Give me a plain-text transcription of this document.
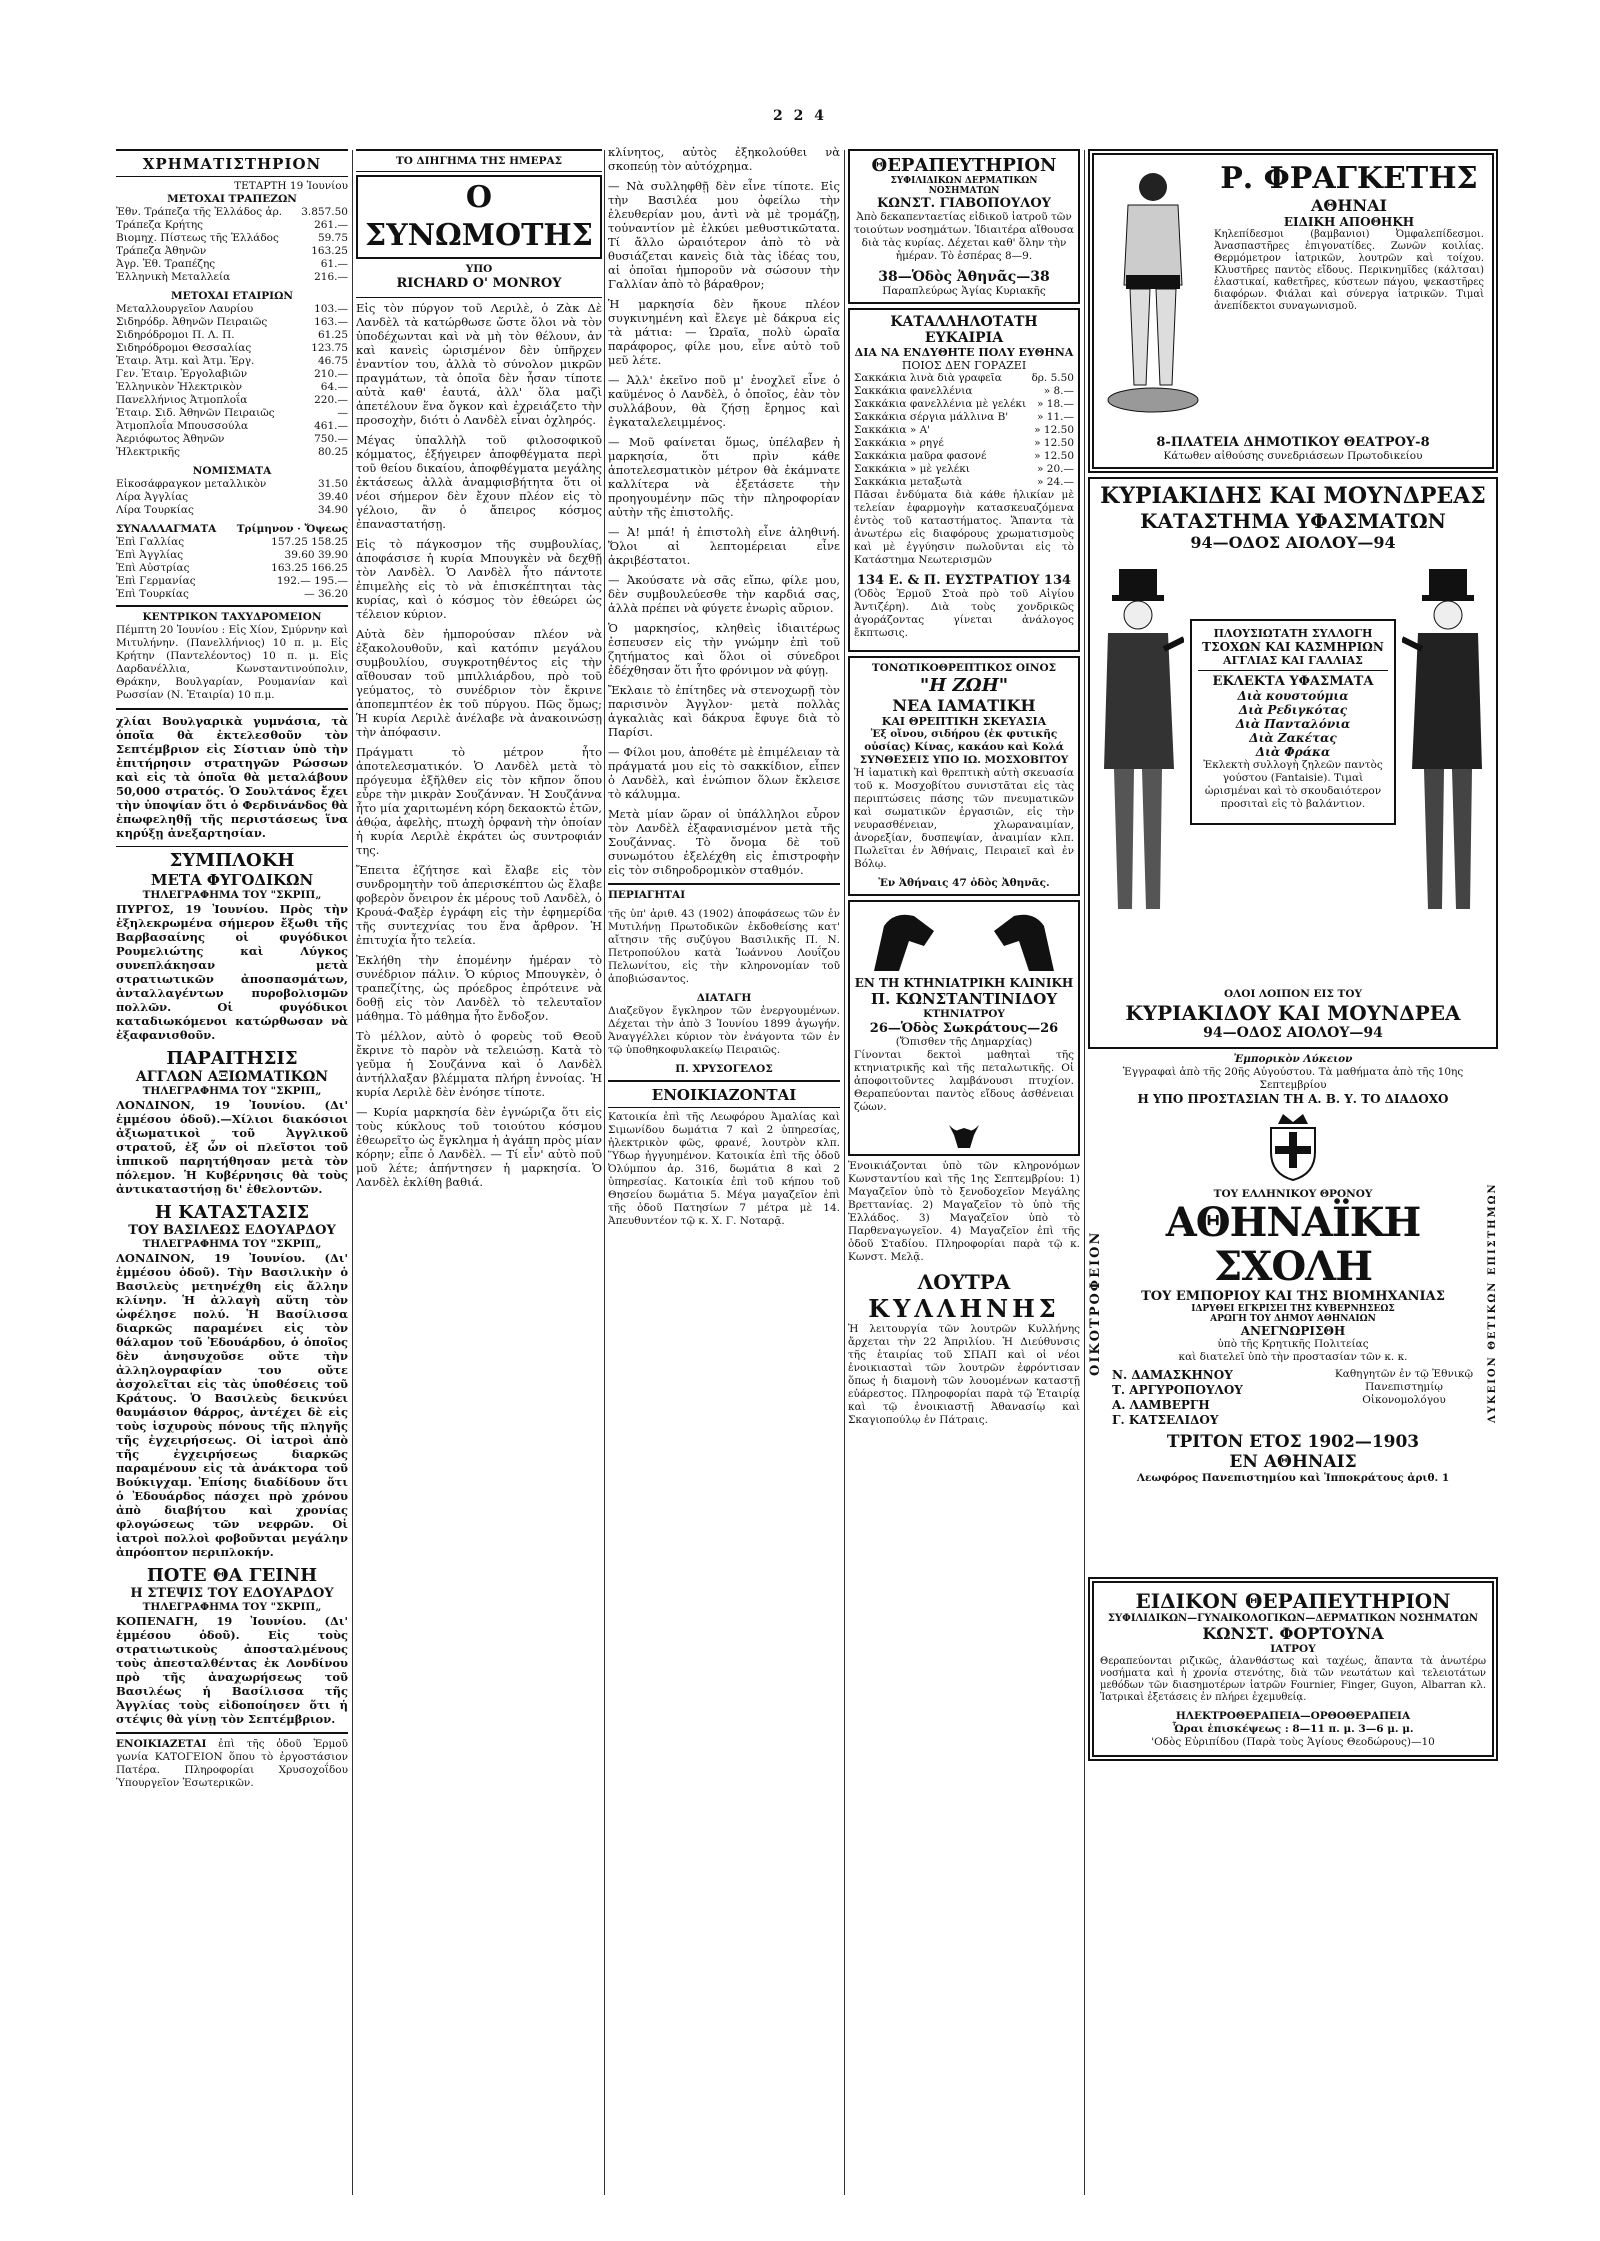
2 2 4
ΧΡΗΜΑΤΙΣΤΗΡΙΟΝ
ΤΕΤΑΡΤΗ 19 Ἰουνίου
ΜΕΤΟΧΑΙ ΤΡΑΠΕΖΩΝ
Ἐθν. Τράπεζα τῆς Ἑλλάδος ἀρ. 3.857.50
Τράπεζα Κρήτης	261.—
Βιομηχ. Πίστεως τῆς Ἑλλάδος	59.75
Τράπεζα Ἀθηνῶν	163.25
Ἀγρ. Ἐθ. Τραπέζης	61.—
Ἑλληνικὴ Μεταλλεία	216.—
ΜΕΤΟΧΑΙ ΕΤΑΙΡΙΩΝ
Μεταλλουργεῖον Λαυρίου	103.—
Σιδηρόδρ. Ἀθηνῶν Πειραιῶς	163.—
Σιδηρόδρομοι Π. Λ. Π.	61.25
Σιδηρόδρομοι Θεσσαλίας	123.75
Ἑταιρ. Ἀτμ. καὶ Ἀτμ. Ἐργ.	46.75
Γεν. Ἑταιρ. Ἐργολαβιῶν	210.—
Ἑλληνικὸν Ἠλεκτρικὸν	64.—
Πανελλήνιος Ἀτμοπλοΐα	220.—
Ἑταιρ. Σιδ. Ἀθηνῶν Πειραιῶς	—
Ἀτμοπλοΐα Μπουσσούλα	461.—
Ἀεριόφωτος Ἀθηνῶν	750.—
Ἠλεκτρικῆς	80.25
ΝΟΜΙΣΜΑΤΑ
Εἰκοσάφραγκον μεταλλικὸν	31.50
Λίρα Ἀγγλίας	39.40
Λίρα Τουρκίας	34.90
ΣΥΝΑΛΛΑΓΜΑΤΑ Τρίμηνον · Ὄψεως
Ἐπὶ Γαλλίας	157.25 158.25
Ἐπὶ Ἀγγλίας	39.60 39.90
Ἐπὶ Αὐστρίας	163.25 166.25
Ἐπὶ Γερμανίας	192.— 195.—
Ἐπὶ Τουρκίας	— 36.20
ΚΕΝΤΡΙΚΟΝ ΤΑΧΥΔΡΟΜΕΙΟΝ

Πέμπτη 20 Ἰουνίου : Εἰς Χίον, Σμύρνην καὶ Μιτυλήνην. (Πανελλήνιος) 10 π. μ. Εἰς Κρήτην (Παντελέοντος) 10 π. μ. Εἰς Δαρδανέλλια, Κωνσταντινούπολιν, Θράκην, Βουλγαρίαν, Ρουμανίαν καὶ Ρωσσίαν (Ν. Ἑταιρία) 10 π.μ.

χλίαι Βουλγαρικὰ γυμνάσια, τὰ ὁποῖα θὰ ἐκτελεσθοῦν τὸν Σεπτέμβριον εἰς Σίστιαν ὑπὸ τὴν ἐπιτήρησιν στρατηγῶν Ρώσσων καὶ εἰς τὰ ὁποῖα θὰ μεταλάβουν 50,000 στρατός. Ὁ Σουλτάνος ἔχει τὴν ὑποψίαν ὅτι ὁ Φερδινάνδος θὰ ἐπωφεληθῇ τῆς περιστάσεως ἵνα κηρύξῃ ἀνεξαρτησίαν.

ΣΥΜΠΛΟΚΗ
ΜΕΤΑ ΦΥΓΟΔΙΚΩΝ
ΤΗΛΕΓΡΑΦΗΜΑ ΤΟΥ "ΣΚΡΙΠ„

ΠΥΡΓΟΣ, 19 Ἰουνίου. Πρὸς τὴν ἐξηλεκρωμένα σήμερον ἔξωθι τῆς Βαρβασαίνης οἱ φυγόδικοι Ρουμελιώτης καὶ Λύγκος συνεπλάκησαν μετὰ στρατιωτικῶν ἀποσπασμάτων, ἀνταλλαγέντων πυροβολισμῶν πολλῶν. Οἱ φυγόδικοι καταδιωκόμενοι κατώρθωσαν νὰ ἐξαφανισθοῦν.

ΠΑΡΑΙΤΗΣΙΣ
ΑΓΓΛΩΝ ΑΞΙΩΜΑΤΙΚΩΝ
ΤΗΛΕΓΡΑΦΗΜΑ ΤΟΥ "ΣΚΡΙΠ„

ΛΟΝΔΙΝΟΝ, 19 Ἰουνίου. (Δι' ἐμμέσου ὁδοῦ).—Χίλιοι διακόσιοι ἀξιωματικοὶ τοῦ Ἀγγλικοῦ στρατοῦ, ἐξ ὧν οἱ πλεῖστοι τοῦ ἱππικοῦ παρητήθησαν μετὰ τὸν πόλεμον. Ἡ Κυβέρνησις θὰ τοὺς ἀντικαταστήσῃ δι' ἐθελοντῶν.

Η ΚΑΤΑΣΤΑΣΙΣ
ΤΟΥ ΒΑΣΙΛΕΩΣ ΕΔΟΥΑΡΔΟΥ
ΤΗΛΕΓΡΑΦΗΜΑ ΤΟΥ "ΣΚΡΙΠ„

ΛΟΝΔΙΝΟΝ, 19 Ἰουνίου. (Δι' ἐμμέσου ὁδοῦ). Τὴν Βασιλικὴν ὁ Βασιλεὺς μετηνέχθη εἰς ἄλλην κλίνην. Ἡ ἀλλαγὴ αὕτη τὸν ὠφέλησε πολύ. Ἡ Βασίλισσα διαρκῶς παραμένει εἰς τὸν θάλαμον τοῦ Ἐδουάρδου, ὁ ὁποῖος δὲν ἀνησυχοῦσε οὔτε τὴν ἀλληλογραφίαν του οὔτε ἀσχολεῖται εἰς τὰς ὑποθέσεις τοῦ Κράτους. Ὁ Βασιλεὺς δεικνύει θαυμάσιον θάρρος, ἀντέχει δὲ εἰς τοὺς ἰσχυροὺς πόνους τῆς πληγῆς τῆς ἐγχειρήσεως. Οἱ ἰατροὶ ἀπὸ τῆς ἐγχειρήσεως διαρκῶς παραμένουν εἰς τὰ ἀνάκτορα τοῦ Βούκιγχαμ. Ἐπίσης διαδίδουν ὅτι ὁ Ἐδουάρδος πάσχει πρὸ χρόνου ἀπὸ διαβήτου καὶ χρονίας φλογώσεως τῶν νεφρῶν. Οἱ ἰατροὶ πολλοὶ φοβοῦνται μεγάλην ἀπρόοπτον περιπλοκήν.

ΠΟΤΕ ΘΑ ΓΕΙΝΗ
Η ΣΤΕΨΙΣ ΤΟΥ ΕΔΟΥΑΡΔΟΥ
ΤΗΛΕΓΡΑΦΗΜΑ ΤΟΥ "ΣΚΡΙΠ„

ΚΟΠΕΝΑΓΗ, 19 Ἰουνίου. (Δι' ἐμμέσου ὁδοῦ). Εἰς τοὺς στρατιωτικοὺς ἀποσταλμένους τοὺς ἀπεσταλθέντας ἐκ Λονδίνου πρὸ τῆς ἀναχωρήσεως τοῦ Βασιλέως ἡ Βασίλισσα τῆς Ἀγγλίας τοὺς εἰδοποίησεν ὅτι ἡ στέψις θὰ γίνῃ τὸν Σεπτέμβριον.

ΕΝΟΙΚΙΑΖΕΤΑΙ ἐπὶ τῆς ὁδοῦ Ἑρμοῦ γωνία ΚΑΤΟΓΕΙΟΝ ὅπου τὸ ἐργοστάσιον Πατέρα. Πληροφορίαι Χρυσοχοΐδου Ὑπουργεῖον Ἐσωτερικῶν.

ΤΟ ΔΙΗΓΗΜΑ ΤΗΣ ΗΜΕΡΑΣ
Ο ΣΥΝΩΜΟΤΗΣ
ΥΠΟ
RICHARD O' MONROY

Εἰς τὸν πύργον τοῦ Λεριλὲ, ὁ Ζὰκ Δὲ Λανδὲλ τὰ κατώρθωσε ὥστε ὅλοι νὰ τὸν ὑποδέχωνται καὶ νὰ μὴ τὸν θέλουν, ἀν καὶ κανεὶς ὡρισμένον δὲν ὑπῆρχεν ἐναντίον του, ἀλλὰ τὸ σύνολον μικρῶν πραγμάτων, τὰ ὁποῖα δὲν ἦσαν τίποτε αὐτὰ καθ' ἑαυτά, ἀλλ' ὅλα μαζὶ ἀπετέλουν ἕνα ὄγκον καὶ ἐχρειάζετο τὴν προσοχὴν, διότι ὁ Λανδὲλ εἶναι ὀχληρός.

Μέγας ὑπαλλὴλ τοῦ φιλοσοφικοῦ κόμματος, ἐξήγειρεν ἀποφθέγματα περὶ τοῦ θείου δικαίου, ἀποφθέγματα μεγάλης ἐκτάσεως ἀλλὰ ἀναμφισβήτητα ὅτι οἱ νέοι σήμερον δὲν ἔχουν πλέον εἰς τὸ γέλοιο, ἂν ὁ ἄπειρος κόσμος ἐπαναστατήσῃ.

Εἰς τὸ πάγκοσμον τῆς συμβουλίας, ἀποφάσισε ἡ κυρία Μπουγκὲν νὰ δεχθῇ τὸν Λανδὲλ. Ὁ Λανδὲλ ἦτο πάντοτε ἐπιμελὴς εἰς τὸ νὰ ἐπισκέπτηται τὰς κυρίας, καὶ ὁ κόσμος τὸν ἐθεώρει ὡς τέλειον κύριον.

Αὐτὰ δὲν ἠμπορούσαν πλέον νὰ ἐξακολουθοῦν, καὶ κατόπιν μεγάλου συμβουλίου, συγκροτηθέντος εἰς τὴν αἴθουσαν τοῦ μπιλλιάρδου, πρὸ τοῦ γεύματος, τὸ συνέδριον τὸν ἔκρινε ἀποπεμπτέον ἐκ τοῦ πύργου. Πῶς ὅμως; Ἡ κυρία Λεριλὲ ἀνέλαβε νὰ ἀνακοινώσῃ τὴν ἀπόφασιν.

Πράγματι τὸ μέτρον ἦτο ἀποτελεσματικόν. Ὁ Λανδὲλ μετὰ τὸ πρόγευμα ἐξῆλθεν εἰς τὸν κῆπον ὅπου εὗρε τὴν μικρὰν Σουζάνναν. Ἡ Σουζάννα ἦτο μία χαριτωμένη κόρη δεκαοκτὼ ἐτῶν, ἀθῴα, ἀφελὴς, πτωχὴ ὀρφανὴ τὴν ὁποίαν ἡ κυρία Λεριλὲ ἐκράτει ὡς συντροφιάν της.

Ἔπειτα ἐζήτησε καὶ ἔλαβε εἰς τὸν συνδρομητὴν τοῦ ἀπερισκέπτου ὡς ἔλαβε φοβερὸν ὄνειρον ἐκ μέρους τοῦ Λανδὲλ, ὁ Κρουά-Φαξὲρ ἐγράφη εἰς τὴν ἐφημερίδα τῆς συντεχνίας του ἕνα ἄρθρον. Ἡ ἐπιτυχία ἦτο τελεία.

Ἐκλήθη τὴν ἑπομένην ἡμέραν τὸ συνέδριον πάλιν. Ὁ κύριος Μπουγκὲν, ὁ τραπεζίτης, ὡς πρόεδρος ἐπρότεινε νὰ δοθῇ εἰς τὸν Λανδὲλ τὸ τελευταῖον μάθημα. Τὸ μάθημα ἦτο ἔνδοξον.

Τὸ μέλλον, αὐτὸ ὁ φορεὺς τοῦ Θεοῦ ἔκρινε τὸ παρὸν νὰ τελειώσῃ. Κατὰ τὸ γεῦμα ἡ Σουζάννα καὶ ὁ Λανδὲλ ἀντήλλαξαν βλέμματα πλήρη ἐννοίας. Ἡ κυρία Λεριλὲ δὲν ἐνόησε τίποτε.

— Κυρία μαρκησία δὲν ἐγνώριζα ὅτι εἰς τοὺς κύκλους τοῦ τοιούτου κόσμου ἐθεωρεῖτο ὡς ἔγκλημα ἡ ἀγάπη πρὸς μίαν κόρην; εἶπε ὁ Λανδὲλ. — Τί εἶν' αὐτὸ ποῦ μοῦ λέτε; ἀπήντησεν ἡ μαρκησία. Ὁ Λανδὲλ ἐκλίθη βαθιά.

κλίνητος, αὐτὸς ἐξηκολούθει νὰ σκοπεύῃ τὸν αὐτόχρημα.

— Νὰ συλληφθῇ δὲν εἶνε τίποτε. Εἰς τὴν Βασιλέα μου ὀφείλω τὴν ἐλευθερίαν μου, ἀντὶ νὰ μὲ τρομάζῃ, τοὐναντίον μὲ ἐλκύει μεθυστικῶτατα. Τί ἄλλο ὡραιότερον ἀπὸ τὸ νὰ θυσιάζεται κανεὶς διὰ τὰς ἰδέας του, αἱ ὁποῖαι ἠμποροῦν νὰ σώσουν τὴν Γαλλίαν ἀπὸ τὸ βάραθρον;

Ἡ μαρκησία δὲν ἤκουε πλέον συγκινημένη καὶ ἔλεγε μὲ δάκρυα εἰς τὰ μάτια: — Ὡραῖα, πολὺ ὡραῖα παράφορος, φίλε μου, εἶνε αὐτὸ τοῦ μεῦ λέτε.

— Ἀλλ' ἐκεῖνο ποῦ μ' ἐνοχλεῖ εἶνε ὁ καϋμένος ὁ Λανδὲλ, ὁ ὁποῖος, ἐὰν τὸν συλλάβουν, θὰ ζήσῃ ἔρημος καὶ ἐγκαταλελειμμένος.

— Μοῦ φαίνεται ὅμως, ὑπέλαβεν ἡ μαρκησία, ὅτι πρὶν κάθε ἀποτελεσματικὸν μέτρον θὰ ἐκάμνατε καλλίτερα νὰ ἐξετάσετε τὴν προηγουμένην πῶς τὴν πληροφορίαν αὐτὴν τῆς ἐπιστολῆς.

— Ἀ! μπά! ἡ ἐπιστολὴ εἶνε ἀληθινή. Ὅλοι αἱ λεπτομέρειαι εἶνε ἀκριβέστατοι.

— Ἀκούσατε νὰ σᾶς εἴπω, φίλε μου, δὲν συμβουλεύεσθε τὴν καρδιά σας, ἀλλὰ πρέπει νὰ φύγετε ἐνωρὶς αὔριον.

Ὁ μαρκησίος, κληθεὶς ἰδιαιτέρως ἐσπευσεν εἰς τὴν γνώμην ἐπὶ τοῦ ζητήματος καὶ ὅλοι οἱ σύνεδροι ἐδέχθησαν ὅτι ἦτο φρόνιμον νὰ φύγῃ.

Ἔκλαιε τὸ ἐπίτηδες νὰ στενοχωρῇ τὸν παρισινὸν Ἀγγλον· μετὰ πολλὰς ἀγκαλιὰς καὶ δάκρυα ἔφυγε διὰ τὸ Παρίσι.

— Φίλοι μου, ἀποθέτε μὲ ἐπιμέλειαν τὰ πράγματά μου εἰς τὸ σακκίδιον, εἶπεν ὁ Λανδὲλ, καὶ ἐνώπιον ὅλων ἔκλεισε τὸ κάλυμμα.

Μετὰ μίαν ὥραν οἱ ὑπάλληλοι εὗρον τὸν Λανδὲλ ἐξαφανισμένον μετὰ τῆς Σουζάννας. Τὸ ὄνομα δὲ τοῦ συνωμότου ἐξελέχθη εἰς ἐπιστροφὴν εἰς τὸν σιδηροδρομικὸν σταθμόν.

ΠΕΡΙΑΓΗΤΑΙ

τῆς ὑπ' ἀριθ. 43 (1902) ἀποφάσεως τῶν ἐν Μυτιλήνῃ Πρωτοδικῶν ἐκδοθείσης κατ' αἴτησιν τῆς συζύγου Βασιλικῆς Π. Ν. Πετροπούλου κατὰ Ἰωάννου Λουΐζου Πελωνίτου, εἰς τὴν κληρονομίαν τοῦ ἀποβιώσαντος.

ΔΙΑΤΑΓΗ

Διαζεῦγον ἔγκληρον τῶν ἐνεργουμένων. Δέχεται τὴν ἀπὸ 3 Ἰουνίου 1899 ἀγωγήν. Ἀναγγέλλει κύριον τὸν ἐνάγοντα τῶν ἐν τῷ ὑποθηκοφυλακείῳ Πειραιῶς.

Π. ΧΡΥΣΟΓΕΛΟΣ
ΕΝΟΙΚΙΑΖΟΝΤΑΙ

Κατοικία ἐπὶ τῆς Λεωφόρου Ἀμαλίας καὶ Σιμωνίδου δωμάτια 7 καὶ 2 ὑπηρεσίας, ἠλεκτρικὸν φῶς, φρανέ, λουτρὸν κλπ. Ὕδωρ ἠγγυημένον. Κατοικία ἐπὶ τῆς ὁδοῦ Ὀλύμπου ἀρ. 316, δωμάτια 8 καὶ 2 ὑπηρεσίας. Κατοικία ἐπὶ τοῦ κήπου τοῦ Θησείου δωμάτια 5. Μέγα μαγαζεῖον ἐπὶ τῆς ὁδοῦ Πατησίων 7 μέτρα μὲ 14. Ἀπευθυντέον τῷ κ. Χ. Γ. Νοταρᾷ.

ΘΕΡΑΠΕΥΤΗΡΙΟΝ
ΣΥΦΙΛΙΔΙΚΩΝ ΔΕΡΜΑΤΙΚΩΝ ΝΟΣΗΜΑΤΩΝ
ΚΩΝΣΤ. ΓΙΑΒΟΠΟΥΛΟΥ

Ἀπὸ δεκαπενταετίας εἰδικοῦ ἰατροῦ τῶν τοιούτων νοσημάτων. Ἰδιαιτέρα αἴθουσα διὰ τὰς κυρίας. Δέχεται καθ' ὅλην τὴν ἡμέραν. Τὸ ἑσπέρας 8—9.

38—Ὁδὸς Ἀθηνᾶς—38
Παραπλεύρως Ἁγίας Κυριακῆς
ΚΑΤΑΛΛΗΛΟΤΑΤΗ ΕΥΚΑΙΡΙΑ
ΔΙΑ ΝΑ ΕΝΔΥΘΗΤΕ ΠΟΛΥ ΕΥΘΗΝΑ
ΠΟΙΟΣ ΔΕΝ ΓΟΡΑΖΕΙ
Σακκάκια λινὰ διὰ γραφεῖα	δρ. 5.50
Σακκάκια φανελλένια	» 8.—
Σακκάκια φανελλένια μὲ γελέκι » 18.—
Σακκάκια σέργια μάλλινα Β'	» 11.—
Σακκάκια » Α'	» 12.50
Σακκάκια » ρηγέ	» 12.50
Σακκάκια μαῦρα φασονέ	» 12.50
Σακκάκια » μὲ γελέκι	» 20.—
Σακκάκια μεταξωτὰ	» 24.—

Πᾶσαι ἐνδύματα διὰ κάθε ἡλικίαν μὲ τελείαν ἐφαρμογὴν κατασκευαζόμενα ἐντὸς τοῦ καταστήματος. Ἅπαντα τὰ ἀνωτέρω εἰς διαφόρους χρωματισμοὺς καὶ μὲ ἐγγύησιν πωλοῦνται εἰς τὸ Κατάστημα Νεωτερισμῶν

134 Ε. & Π. ΕΥΣΤΡΑΤΙΟΥ 134

(Ὁδὸς Ἑρμοῦ Στοὰ πρὸ τοῦ Αἰγίου Ἀντιζέρη). Διὰ τοὺς χονδρικῶς ἀγοράζοντας γίνεται ἀνάλογος ἔκπτωσις.

ΤΟΝΩΤΙΚΟΘΡΕΠΤΙΚΟΣ ΟΙΝΟΣ
"Η ΖΩΗ"
ΝΕΑ ΙΑΜΑΤΙΚΗ
ΚΑΙ ΘΡΕΠΤΙΚΗ ΣΚΕΥΑΣΙΑ
Ἐξ οἴνου, σιδήρου (ἐκ φυτικῆς οὐσίας) Κίνας, κακάου καὶ Κολά
ΣΥΝΘΕΣΕΙΣ ΥΠΟ ΙΩ. ΜΟΣΧΟΒΙΤΟΥ

Ἡ ἰαματικὴ καὶ θρεπτικὴ αὐτὴ σκευασία τοῦ κ. Μοσχοβίτου συνιστᾶται εἰς τὰς περιπτώσεις πάσης τῶν πνευματικῶν καὶ σωματικῶν ἐργασιῶν, εἰς τὴν νευρασθένειαν, χλωραναιμίαν, ἀνορεξίαν, δυσπεψίαν, ἀναιμίαν κλπ. Πωλεῖται ἐν Ἀθήναις, Πειραιεῖ καὶ ἐν Βόλῳ.

Ἐν Ἀθήναις 47 ὁδὸς Ἀθηνᾶς.
ΕΝ ΤΗ ΚΤΗΝΙΑΤΡΙΚΗ ΚΛΙΝΙΚΗ
Π. ΚΩΝΣΤΑΝΤΙΝΙΔΟΥ
ΚΤΗΝΙΑΤΡΟΥ
26—Ὁδὸς Σωκράτους—26
(Ὄπισθεν τῆς Δημαρχίας)

Γίνονται δεκτοὶ μαθηταὶ τῆς κτηνιατρικῆς καὶ τῆς πεταλωτικῆς. Οἱ ἀποφοιτοῦντες λαμβάνουσι πτυχίον. Θεραπεύονται παντὸς εἴδους ἀσθένειαι ζώων.

Ἐνοικιάζονται ὑπὸ τῶν κληρονόμων Κωνσταντίου καὶ τῆς 1ης Σεπτεμβρίου: 1) Μαγαζεῖον ὑπὸ τὸ ξενοδοχεῖον Μεγάλης Βρεττανίας. 2) Μαγαζεῖον τὸ ὑπὸ τῆς Ἑλλάδος. 3) Μαγαζεῖον ὑπὸ τὸ Παρθεναγωγεῖον. 4) Μαγαζεῖον ἐπὶ τῆς ὁδοῦ Σταδίου. Πληροφορίαι παρὰ τῷ κ. Κωνστ. Μελᾷ.

ΛΟΥΤΡΑ
ΚΥΛΛΗΝΗΣ

Ἡ λειτουργία τῶν λουτρῶν Κυλλήνης ἄρχεται τὴν 22 Ἀπριλίου. Ἡ Διεύθυνσις τῆς ἑταιρίας τοῦ ΣΠΑΠ καὶ οἱ νέοι ἐνοικιασταὶ τῶν λουτρῶν ἐφρόντισαν ὅπως ἡ διαμονὴ τῶν λουομένων καταστῇ εὐάρεστος. Πληροφορίαι παρὰ τῷ Ἑταιρίᾳ καὶ τῷ ἐνοικιαστῇ Ἀθανασίῳ καὶ Σκαγιοπούλῳ ἐν Πάτραις.

Ρ. ΦΡΑΓΚΕΤΗΣ
ΑΘΗΝΑΙ
ΕΙΔΙΚΗ ΑΠΟΘΗΚΗ

Κηλεπίδεσμοι (βαμβανιοι) Ὀμφαλεπίδεσμοι. Ἀνασπαστῆρες ἐπιγονατίδες. Ζωνῶν κοιλίας. Θερμόμετρον ἰατρικῶν, λουτρῶν καὶ τοίχου. Κλυστῆρες παντὸς εἴδους. Περικνημῖδες (κάλτσαι) ἐλαστικαί, καθετῆρες, κύστεων πάγου, ψεκαστῆρες διαφόρων. Φιάλαι καὶ σύνεργα ἰατρικῶν. Τιμαὶ ἀνεπίδεκτοι συναγωνισμοῦ.

8-ΠΛΑΤΕΙΑ ΔΗΜΟΤΙΚΟΥ ΘΕΑΤΡΟΥ-8
Κάτωθεν αἰθούσης συνεδριάσεων Πρωτοδικείου
ΚΥΡΙΑΚΙΔΗΣ ΚΑΙ ΜΟΥΝΔΡΕΑΣ
ΚΑΤΑΣΤΗΜΑ ΥΦΑΣΜΑΤΩΝ
94—ΟΔΟΣ ΑΙΟΛΟΥ—94
ΠΛΟΥΣΙΩΤΑΤΗ ΣΥΛΛΟΓΗ
ΤΣΟΧΩΝ ΚΑΙ ΚΑΣΜΗΡΙΩΝ
ΑΓΓΛΙΑΣ ΚΑΙ ΓΑΛΛΙΑΣ
ΕΚΛΕΚΤΑ ΥΦΑΣΜΑΤΑ
Διὰ κουστούμια
Διὰ Ρεδιγκότας
Διὰ Πανταλόνια
Διὰ Ζακέτας
Διὰ Φράκα

Ἐκλεκτὴ συλλογὴ ζηλεῶν παντὸς γούστου (Fantaisie). Τιμαὶ ὡρισμέναι καὶ τὸ σκουδαιότερον προσιταὶ εἰς τὸ βαλάντιον.

ΟΛΟΙ ΛΟΙΠΟΝ ΕΙΣ ΤΟΥ
ΚΥΡΙΑΚΙΔΟΥ ΚΑΙ ΜΟΥΝΔΡΕΑ
94—ΟΔΟΣ ΑΙΟΛΟΥ—94
ΟΙΚΟΤΡΟΦΕΙΟΝ	ΛΥΚΕΙΟΝ ΘΕΤΙΚΩΝ ΕΠΙΣΤΗΜΩΝ
Ἐμπορικὸν Λύκειον
Ἐγγραφαὶ ἀπὸ τῆς 20ῆς Αὐγούστου. Τὰ μαθήματα ἀπὸ τῆς 10ης Σεπτεμβρίου
Η ΥΠΟ ΠΡΟΣΤΑΣΙΑΝ ΤΗ Α. Β. Υ. ΤΟ ΔΙΑΔΟΧΟ
ΤΟΥ ΕΛΛΗΝΙΚΟΥ ΘΡΟΝΟΥ
ΑΘΗΝΑΪΚΗ ΣΧΟΛΗ
ΤΟΥ ΕΜΠΟΡΙΟΥ ΚΑΙ ΤΗΣ ΒΙΟΜΗΧΑΝΙΑΣ
ΙΔΡΥΘΕΙ ΕΓΚΡΙΣΕΙ ΤΗΣ ΚΥΒΕΡΝΗΣΕΩΣ
ΑΡΩΓΗ ΤΟΥ ΔΗΜΟΥ ΑΘΗΝΑΙΩΝ
ΑΝΕΓΝΩΡΙΣΘΗ
ὑπὸ τῆς Κρητικῆς Πολιτείας
καὶ διατελεῖ ὑπὸ τὴν προστασίαν τῶν κ. κ.
Ν. ΔΑΜΑΣΚΗΝΟΥ
Τ. ΑΡΓΥΡΟΠΟΥΛΟΥ
Α. ΛΑΜΒΕΡΓΗ
Γ. ΚΑΤΣΕΛΙΔΟΥ
Καθηγητῶν ἐν τῷ Ἐθνικῷ Πανεπιστημίῳ Οἰκονομολόγου
ΤΡΙΤΟΝ ΕΤΟΣ 1902—1903
ΕΝ ΑΘΗΝΑΙΣ
Λεωφόρος Πανεπιστημίου καὶ Ἱπποκράτους ἀριθ. 1
ΕΙΔΙΚΟΝ ΘΕΡΑΠΕΥΤΗΡΙΟΝ
ΣΥΦΙΛΙΔΙΚΩΝ—ΓΥΝΑΙΚΟΛΟΓΙΚΩΝ—ΔΕΡΜΑΤΙΚΩΝ ΝΟΣΗΜΑΤΩΝ
ΚΩΝΣΤ. ΦΟΡΤΟΥΝΑ
ΙΑΤΡΟΥ

Θεραπεύονται ριζικῶς, ἀλανθάστως καὶ ταχέως, ἅπαντα τὰ ἀνωτέρω νοσήματα καὶ ἡ χρονία στενότης, διὰ τῶν νεωτάτων καὶ τελειοτάτων μεθόδων τῶν διασημοτέρων ἰατρῶν Fournier, Finger, Guyon, Albarran κλ. Ἰατρικαὶ ἐξετάσεις ἐν πλήρει ἐχεμυθείᾳ.

ΗΛΕΚΤΡΟΘΕΡΑΠΕΙΑ—ΟΡΘΟΘΕΡΑΠΕΙΑ
Ὧραι ἐπισκέψεως : 8—11 π. μ. 3—6 μ. μ.
'Οδὸς Εὐριπίδου (Παρὰ τοὺς Ἁγίους Θεοδώρους)—10
